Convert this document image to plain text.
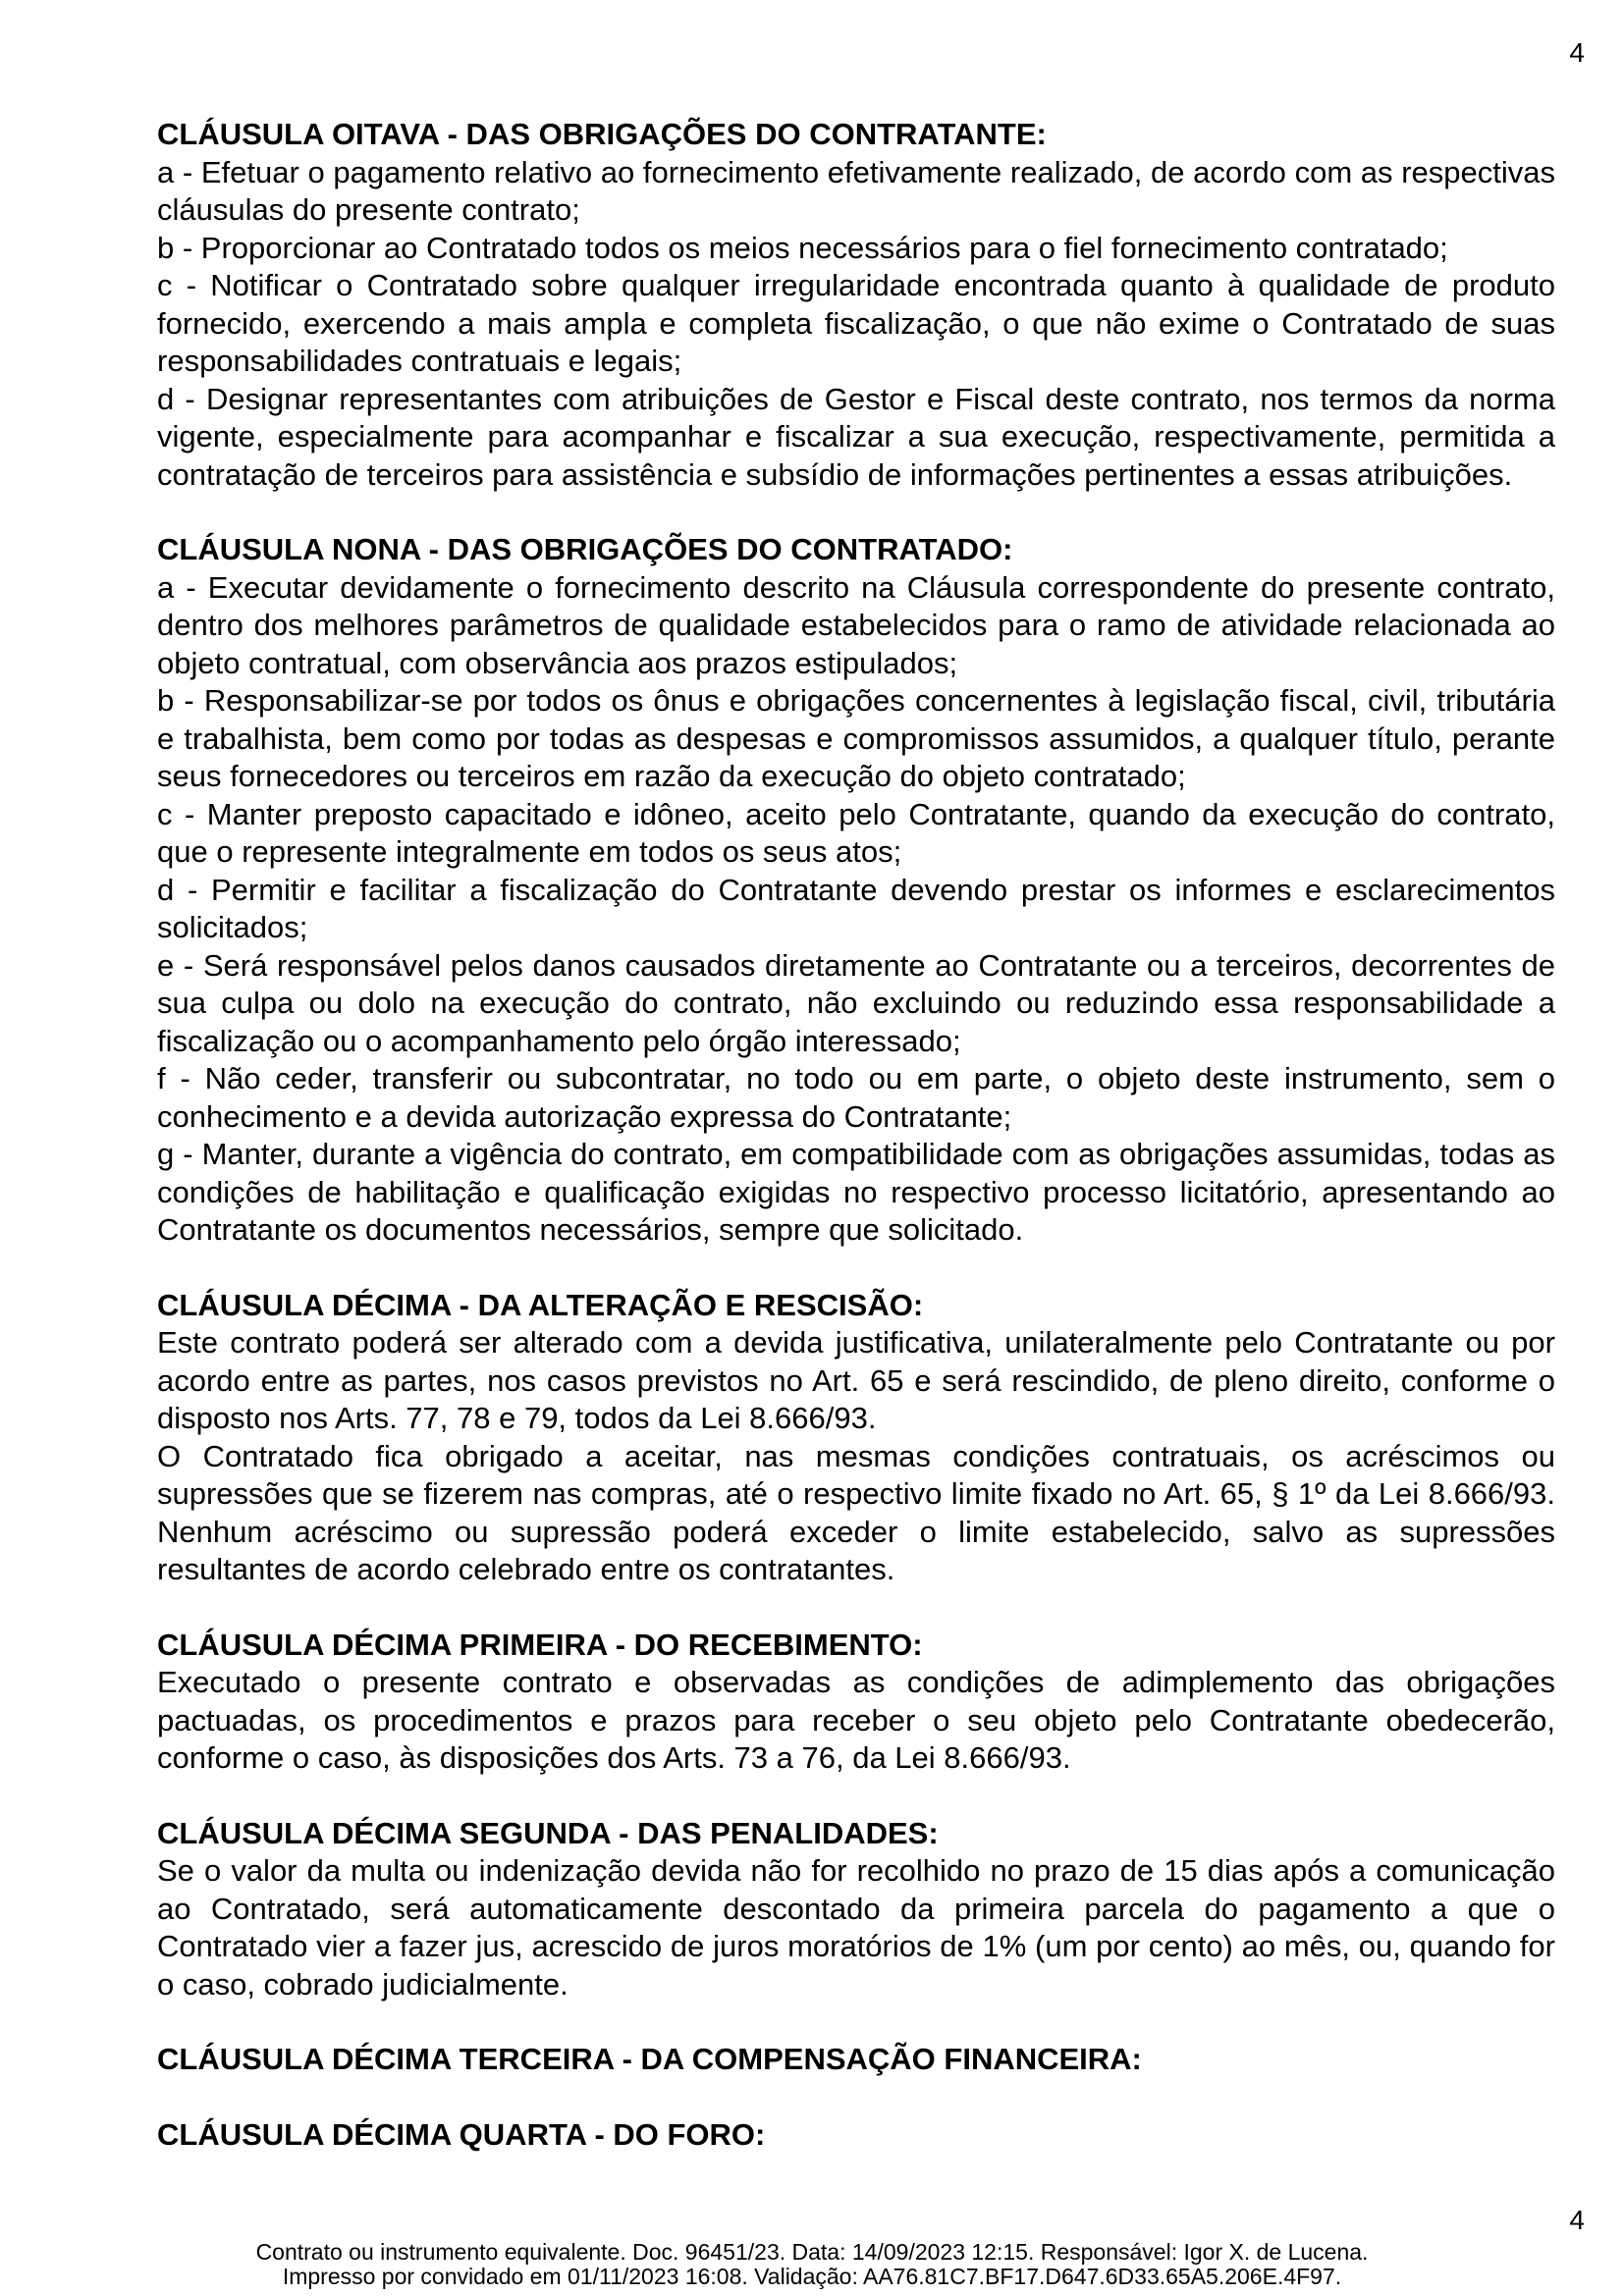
4
CLÁUSULA OITAVA - DAS OBRIGAÇÕES DO CONTRATANTE:
a - Efetuar o pagamento relativo ao fornecimento efetivamente realizado, de acordo com as respectivas cláusulas do presente contrato;
b - Proporcionar ao Contratado todos os meios necessários para o fiel fornecimento contratado;
c - Notificar o Contratado sobre qualquer irregularidade encontrada quanto à qualidade de produto fornecido, exercendo a mais ampla e completa fiscalização, o que não exime o Contratado de suas responsabilidades contratuais e legais;
d - Designar representantes com atribuições de Gestor e Fiscal deste contrato, nos termos da norma vigente, especialmente para acompanhar e fiscalizar a sua execução, respectivamente, permitida a contratação de terceiros para assistência e subsídio de informações pertinentes a essas atribuições.
CLÁUSULA NONA - DAS OBRIGAÇÕES DO CONTRATADO:
a - Executar devidamente o fornecimento descrito na Cláusula correspondente do presente contrato, dentro dos melhores parâmetros de qualidade estabelecidos para o ramo de atividade relacionada ao objeto contratual, com observância aos prazos estipulados;
b - Responsabilizar-se por todos os ônus e obrigações concernentes à legislação fiscal, civil, tributária e trabalhista, bem como por todas as despesas e compromissos assumidos, a qualquer título, perante seus fornecedores ou terceiros em razão da execução do objeto contratado;
c - Manter preposto capacitado e idôneo, aceito pelo Contratante, quando da execução do contrato, que o represente integralmente em todos os seus atos;
d - Permitir e facilitar a fiscalização do Contratante devendo prestar os informes e esclarecimentos solicitados;
e - Será responsável pelos danos causados diretamente ao Contratante ou a terceiros, decorrentes de sua culpa ou dolo na execução do contrato, não excluindo ou reduzindo essa responsabilidade a fiscalização ou o acompanhamento pelo órgão interessado;
f - Não ceder, transferir ou subcontratar, no todo ou em parte, o objeto deste instrumento, sem o conhecimento e a devida autorização expressa do Contratante;
g - Manter, durante a vigência do contrato, em compatibilidade com as obrigações assumidas, todas as condições de habilitação e qualificação exigidas no respectivo processo licitatório, apresentando ao Contratante os documentos necessários, sempre que solicitado.
CLÁUSULA DÉCIMA - DA ALTERAÇÃO E RESCISÃO:
Este contrato poderá ser alterado com a devida justificativa, unilateralmente pelo Contratante ou por acordo entre as partes, nos casos previstos no Art. 65 e será rescindido, de pleno direito, conforme o disposto nos Arts. 77, 78 e 79, todos da Lei 8.666/93.
O Contratado fica obrigado a aceitar, nas mesmas condições contratuais, os acréscimos ou supressões que se fizerem nas compras, até o respectivo limite fixado no Art. 65, § 1º da Lei 8.666/93. Nenhum acréscimo ou supressão poderá exceder o limite estabelecido, salvo as supressões resultantes de acordo celebrado entre os contratantes.
CLÁUSULA DÉCIMA PRIMEIRA - DO RECEBIMENTO:
Executado o presente contrato e observadas as condições de adimplemento das obrigações pactuadas, os procedimentos e prazos para receber o seu objeto pelo Contratante obedecerão, conforme o caso, às disposições dos Arts. 73 a 76, da Lei 8.666/93.
CLÁUSULA DÉCIMA SEGUNDA - DAS PENALIDADES:
Se o valor da multa ou indenização devida não for recolhido no prazo de 15 dias após a comunicação ao Contratado, será automaticamente descontado da primeira parcela do pagamento a que o Contratado vier a fazer jus, acrescido de juros moratórios de 1% (um por cento) ao mês, ou, quando for o caso, cobrado judicialmente.
CLÁUSULA DÉCIMA TERCEIRA - DA COMPENSAÇÃO FINANCEIRA:
CLÁUSULA DÉCIMA QUARTA - DO FORO:
4
Contrato ou instrumento equivalente. Doc. 96451/23. Data: 14/09/2023 12:15. Responsável: Igor X. de Lucena.
Impresso por convidado em 01/11/2023 16:08. Validação: AA76.81C7.BF17.D647.6D33.65A5.206E.4F97.
